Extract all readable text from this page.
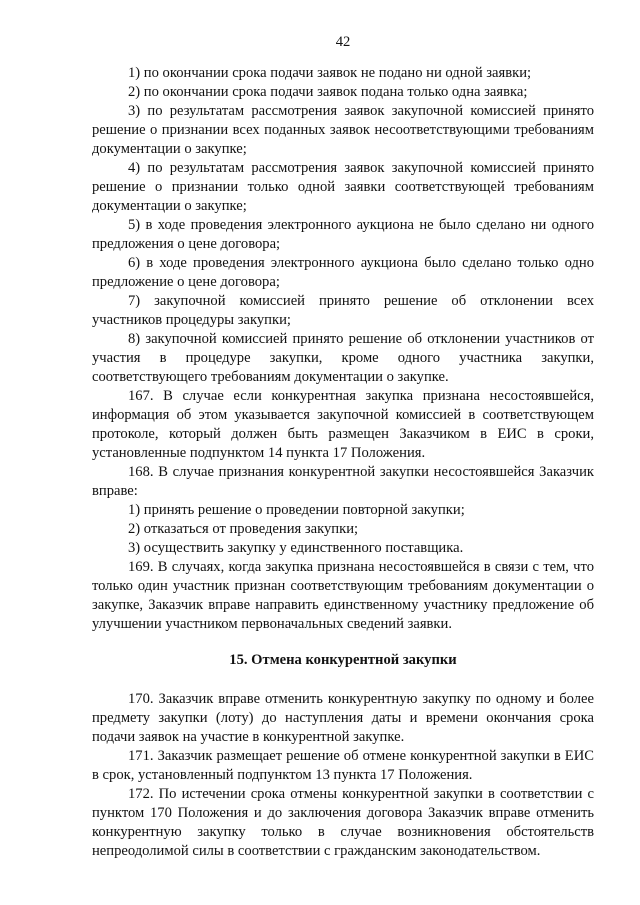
42

1) по окончании срока подачи заявок не подано ни одной заявки;

2) по окончании срока подачи заявок подана только одна заявка;

3) по результатам рассмотрения заявок закупочной комиссией принято решение о признании всех поданных заявок несоответствующими требованиям документации о закупке;

4) по результатам рассмотрения заявок закупочной комиссией принято решение о признании только одной заявки соответствующей требованиям документации о закупке;

5) в ходе проведения электронного аукциона не было сделано ни одного предложения о цене договора;

6) в ходе проведения электронного аукциона было сделано только одно предложение о цене договора;

7) закупочной комиссией принято решение об отклонении всех участников процедуры закупки;

8) закупочной комиссией принято решение об отклонении участников от участия в процедуре закупки, кроме одного участника закупки, соответствующего требованиям документации о закупке.

167. В случае если конкурентная закупка признана несостоявшейся, информация об этом указывается закупочной комиссией в соответствующем протоколе, который должен быть размещен Заказчиком в ЕИС в сроки, установленные подпунктом 14 пункта 17 Положения.

168. В случае признания конкурентной закупки несостоявшейся Заказчик вправе:

1) принять решение о проведении повторной закупки;

2) отказаться от проведения закупки;

3) осуществить закупку у единственного поставщика.

169. В случаях, когда закупка признана несостоявшейся в связи с тем, что только один участник признан соответствующим требованиям документации о закупке, Заказчик вправе направить единственному участнику предложение об улучшении участником первоначальных сведений заявки.

15. Отмена конкурентной закупки

170. Заказчик вправе отменить конкурентную закупку по одному и более предмету закупки (лоту) до наступления даты и времени окончания срока подачи заявок на участие в конкурентной закупке.

171. Заказчик размещает решение об отмене конкурентной закупки в ЕИС в срок, установленный подпунктом 13 пункта 17 Положения.

172. По истечении срока отмены конкурентной закупки в соответствии с пунктом 170 Положения и до заключения договора Заказчик вправе отменить конкурентную закупку только в случае возникновения обстоятельств непреодолимой силы в соответствии с гражданским законодательством.
